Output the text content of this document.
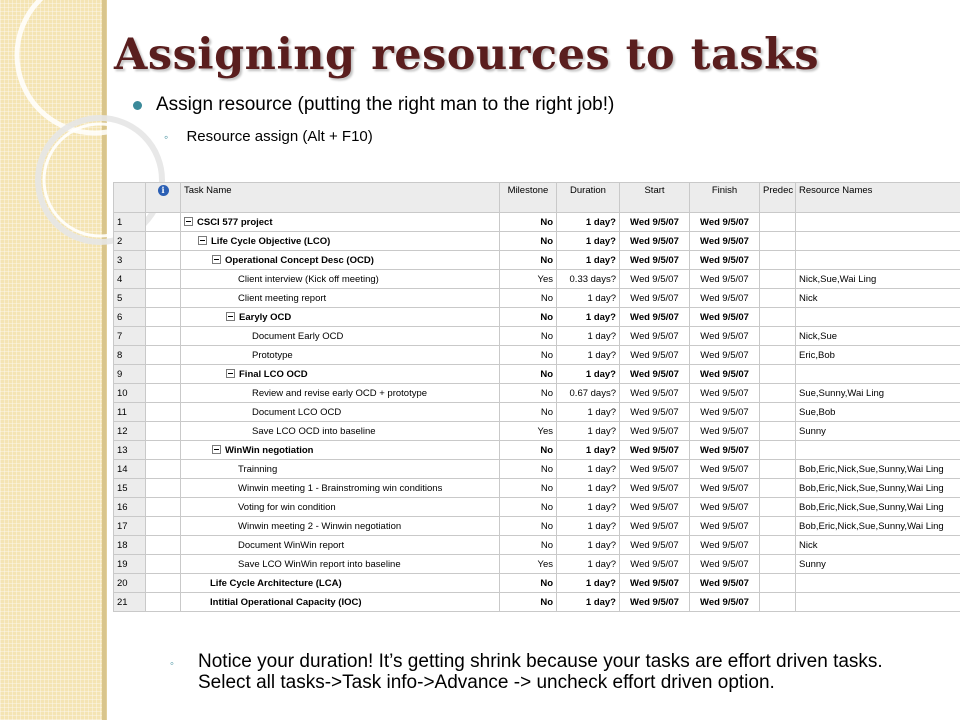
Assigning resources to tasks
Assign resource (putting the right man to the right job!)
◦ Resource assign (Alt + F10)
	i	Task Name	Milestone	Duration	Start	Finish	Predec	Resource Names
1		CSCI 577 project	No	1 day?	Wed 9/5/07	Wed 9/5/07		
2		Life Cycle Objective (LCO)	No	1 day?	Wed 9/5/07	Wed 9/5/07		
3		Operational Concept Desc (OCD)	No	1 day?	Wed 9/5/07	Wed 9/5/07		
4		Client interview (Kick off meeting)	Yes	0.33 days?	Wed 9/5/07	Wed 9/5/07		Nick,Sue,Wai Ling
5		Client meeting report	No	1 day?	Wed 9/5/07	Wed 9/5/07		Nick
6		Earyly OCD	No	1 day?	Wed 9/5/07	Wed 9/5/07		
7		Document Early OCD	No	1 day?	Wed 9/5/07	Wed 9/5/07		Nick,Sue
8		Prototype	No	1 day?	Wed 9/5/07	Wed 9/5/07		Eric,Bob
9		Final LCO OCD	No	1 day?	Wed 9/5/07	Wed 9/5/07		
10		Review and revise early OCD + prototype	No	0.67 days?	Wed 9/5/07	Wed 9/5/07		Sue,Sunny,Wai Ling
11		Document LCO OCD	No	1 day?	Wed 9/5/07	Wed 9/5/07		Sue,Bob
12		Save LCO OCD into baseline	Yes	1 day?	Wed 9/5/07	Wed 9/5/07		Sunny
13		WinWin negotiation	No	1 day?	Wed 9/5/07	Wed 9/5/07		
14		Trainning	No	1 day?	Wed 9/5/07	Wed 9/5/07		Bob,Eric,Nick,Sue,Sunny,Wai Ling
15		Winwin meeting 1 - Brainstroming win conditions	No	1 day?	Wed 9/5/07	Wed 9/5/07		Bob,Eric,Nick,Sue,Sunny,Wai Ling
16		Voting for win condition	No	1 day?	Wed 9/5/07	Wed 9/5/07		Bob,Eric,Nick,Sue,Sunny,Wai Ling
17		Winwin meeting 2 - Winwin negotiation	No	1 day?	Wed 9/5/07	Wed 9/5/07		Bob,Eric,Nick,Sue,Sunny,Wai Ling
18		Document WinWin report	No	1 day?	Wed 9/5/07	Wed 9/5/07		Nick
19		Save LCO WinWin report into baseline	Yes	1 day?	Wed 9/5/07	Wed 9/5/07		Sunny
20		Life Cycle Architecture (LCA)	No	1 day?	Wed 9/5/07	Wed 9/5/07		
21		Intitial Operational Capacity (IOC)	No	1 day?	Wed 9/5/07	Wed 9/5/07		
◦ Notice your duration! It’s getting shrink because your tasks are effort driven tasks. Select all tasks->Task info->Advance -> uncheck effort driven option.
